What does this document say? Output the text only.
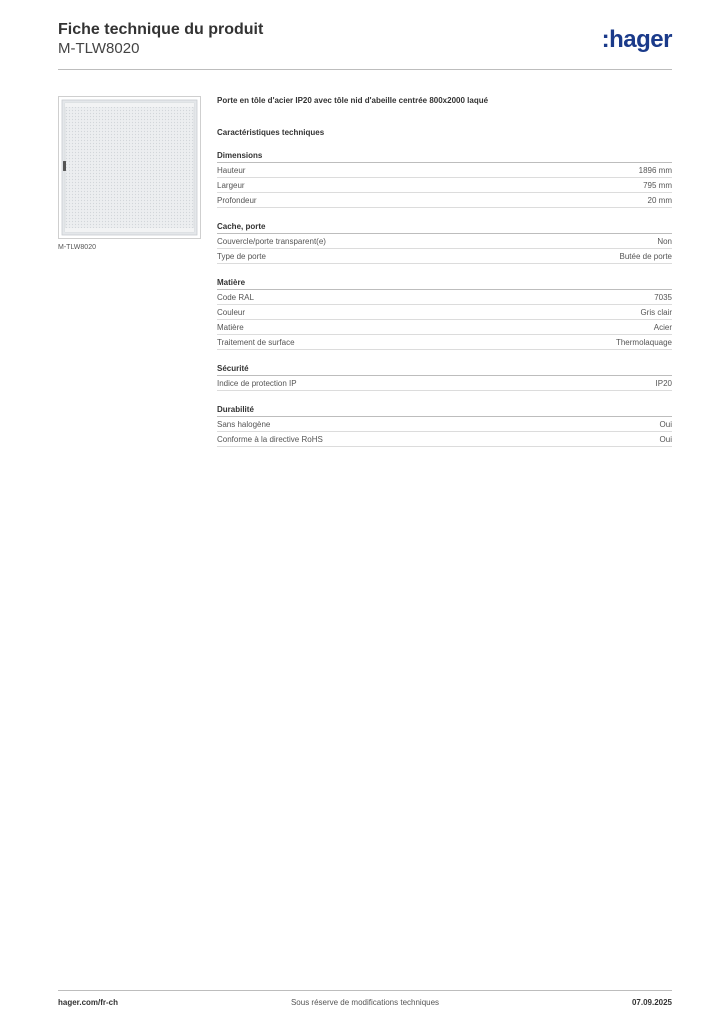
Fiche technique du produit
M-TLW8020	:hager
M-TLW8020
Porte en tôle d'acier IP20 avec tôle nid d'abeille centrée 800x2000 laqué
Caractéristiques techniques
Dimensions
Hauteur	1896 mm
Largeur	795 mm
Profondeur	20 mm
Cache, porte
Couvercle/porte transparent(e)	Non
Type de porte	Butée de porte
Matière
Code RAL	7035
Couleur	Gris clair
Matière	Acier
Traitement de surface	Thermolaquage
Sécurité
Indice de protection IP	IP20
Durabilité
Sans halogène	Oui
Conforme à la directive RoHS	Oui
hager.com/fr-ch	Sous réserve de modifications techniques	07.09.2025
